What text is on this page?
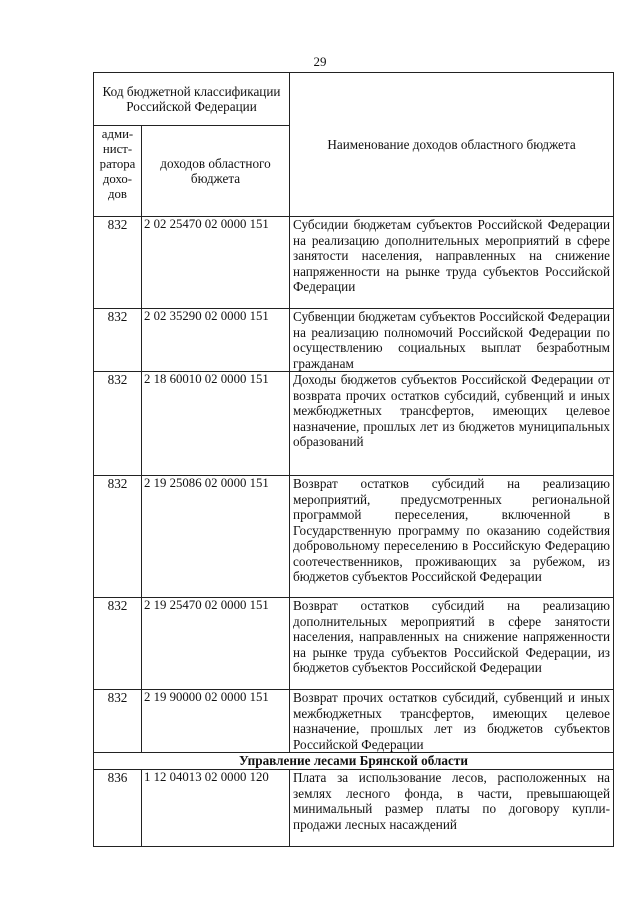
29
Код бюджетной классификации Российской Федерации		Наименование доходов областного бюджета
адми-нист-ратора дохо-дов	доходов областного бюджета	
832	2 02 25470 02 0000 151	Субсидии бюджетам субъектов Российской Федерации на реализацию дополнительных мероприятий в сфере занятости населения, направленных на снижение напряженности на рынке труда субъектов Российской Федерации
832	2 02 35290 02 0000 151	Субвенции бюджетам субъектов Российской Федерации на реализацию полномочий Российской Федерации по осуществлению социальных выплат безработным гражданам
832	2 18 60010 02 0000 151	Доходы бюджетов субъектов Российской Федерации от возврата прочих остатков субсидий, субвенций и иных межбюджетных трансфертов, имеющих целевое назначение, прошлых лет из бюджетов муниципальных образований
832	2 19 25086 02 0000 151	Возврат остатков субсидий на реализацию мероприятий, предусмотренных региональной программой переселения, включенной в Государственную программу по оказанию содействия добровольному переселению в Российскую Федерацию соотечественников, проживающих за рубежом, из бюджетов субъектов Российской Федерации
832	2 19 25470 02 0000 151	Возврат остатков субсидий на реализацию дополнительных мероприятий в сфере занятости населения, направленных на снижение напряженности на рынке труда субъектов Российской Федерации, из бюджетов субъектов Российской Федерации
832	2 19 90000 02 0000 151	Возврат прочих остатков субсидий, субвенций и иных межбюджетных трансфертов, имеющих целевое назначение, прошлых лет из бюджетов субъектов Российской Федерации
Управление лесами Брянской области		
836	1 12 04013 02 0000 120	Плата за использование лесов, расположенных на землях лесного фонда, в части, превышающей минимальный размер платы по договору купли-продажи лесных насаждений
